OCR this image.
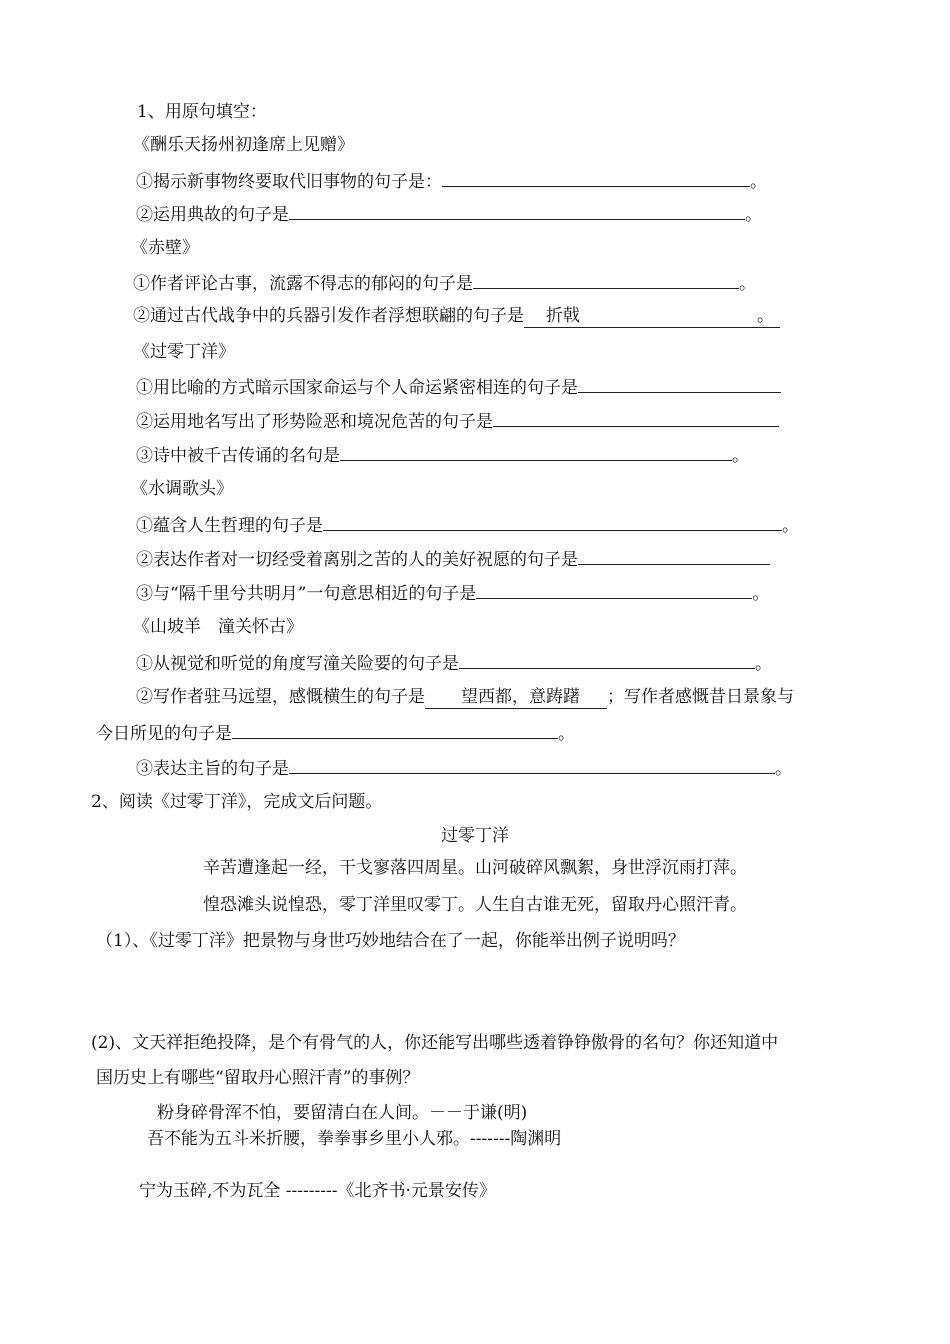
1、用原句填空：
《酬乐天扬州初逢席上见赠》
①揭示新事物终要取代旧事物的句子是：	。
②运用典故的句子是	。
《赤壁》
①作者评论古事，流露不得志的郁闷的句子是	。
②通过古代战争中的兵器引发作者浮想联翩的句子是 折戟	。
《过零丁洋》
①用比喻的方式暗示国家命运与个人命运紧密相连的句子是
②运用地名写出了形势险恶和境况危苦的句子是
③诗中被千古传诵的名句是	。
《水调歌头》
①蕴含人生哲理的句子是	。
②表达作者对一切经受着离别之苦的人的美好祝愿的句子是
③与“隔千里兮共明月”一句意思相近的句子是	。
《山坡羊　潼关怀古》
①从视觉和听觉的角度写潼关险要的句子是	。
②写作者驻马远望，感慨横生的句子是 望西都，意踌躇 ；写作者感慨昔日景象与
今日所见的句子是	。
③表达主旨的句子是	。
2、阅读《过零丁洋》，完成文后问题。
过零丁洋
辛苦遭逢起一经，干戈寥落四周星。山河破碎风飘絮，身世浮沉雨打萍。
惶恐滩头说惶恐，零丁洋里叹零丁。人生自古谁无死，留取丹心照汗青。
（1）、《过零丁洋》把景物与身世巧妙地结合在了一起，你能举出例子说明吗？
(2)、文天祥拒绝投降，是个有骨气的人，你还能写出哪些透着铮铮傲骨的名句？你还知道中
国历史上有哪些“留取丹心照汗青”的事例？
粉身碎骨浑不怕，要留清白在人间。－－于谦(明)
吾不能为五斗米折腰，拳拳事乡里小人邪。-------陶渊明
宁为玉碎,不为瓦全 ---------《北齐书·元景安传》
